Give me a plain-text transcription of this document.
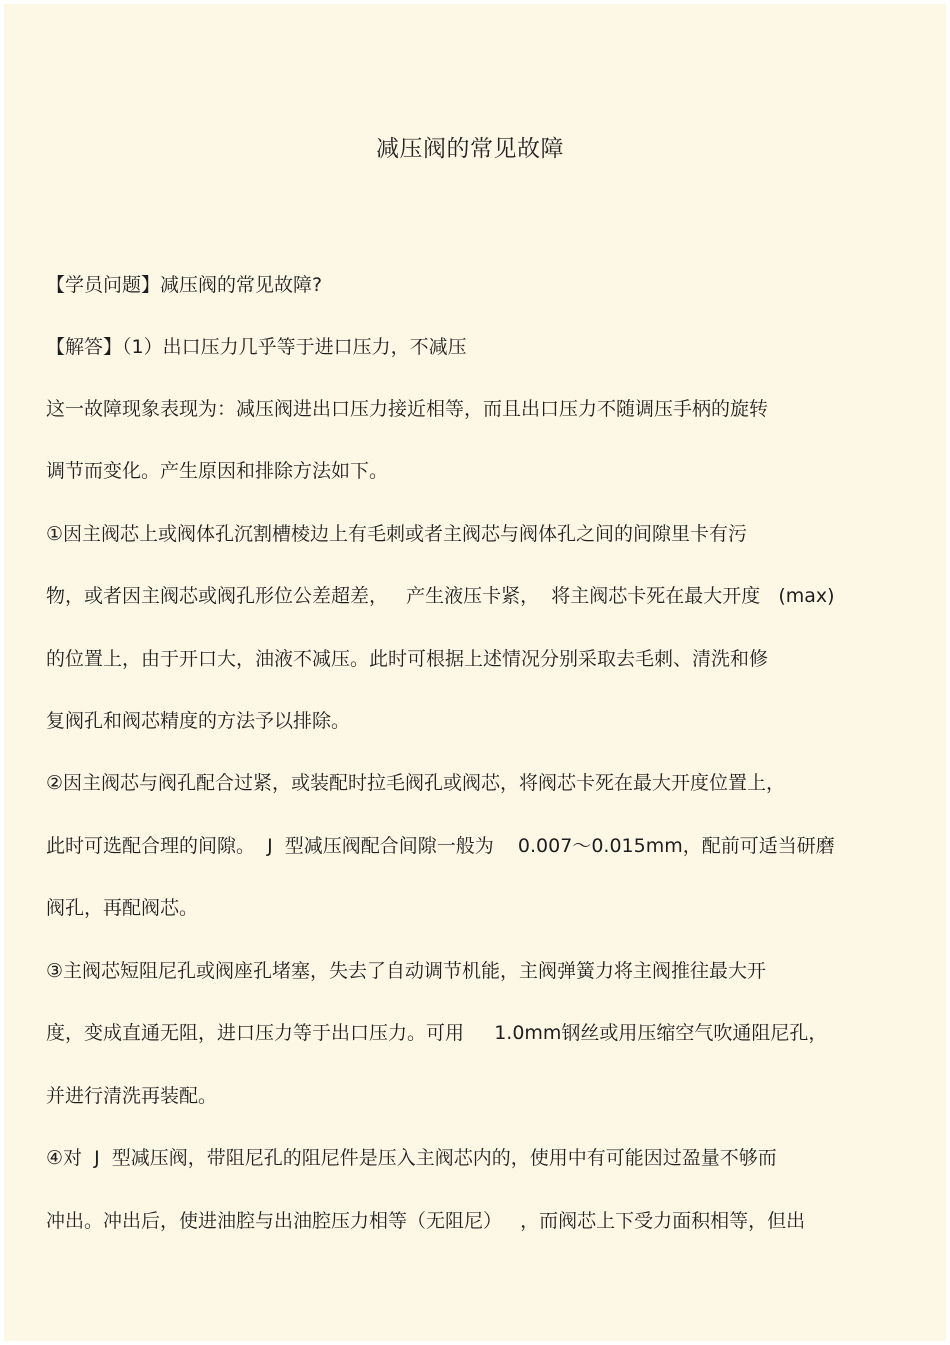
减压阀的常见故障
【学员问题】减压阀的常见故障?
【解答】（1）出口压力几乎等于进口压力，不减压
这一故障现象表现为：减压阀进出口压力接近相等，而且出口压力不随调压手柄的旋转
调节而变化。产生原因和排除方法如下。
①因主阀芯上或阀体孔沉割槽棱边上有毛刺或者主阀芯与阀体孔之间的间隙里卡有污
物，或者因主阀芯或阀孔形位公差超差，   产生液压卡紧，  将主阀芯卡死在最大开度   (max)
的位置上，由于开口大，油液不减压。此时可根据上述情况分别采取去毛刺、清洗和修
复阀孔和阀芯精度的方法予以排除。
②因主阀芯与阀孔配合过紧，或装配时拉毛阀孔或阀芯，将阀芯卡死在最大开度位置上，
此时可选配合理的间隙。  J  型减压阀配合间隙一般为    0.007～0.015mm，配前可适当研磨
阀孔，再配阀芯。
③主阀芯短阻尼孔或阀座孔堵塞，失去了自动调节机能，主阀弹簧力将主阀推往最大开
度，变成直通无阻，进口压力等于出口压力。可用     1.0mm钢丝或用压缩空气吹通阻尼孔，
并进行清洗再装配。
④对  J  型减压阀，带阻尼孔的阻尼件是压入主阀芯内的，使用中有可能因过盈量不够而
冲出。冲出后，使进油腔与出油腔压力相等（无阻尼）   ，而阀芯上下受力面积相等，但出
